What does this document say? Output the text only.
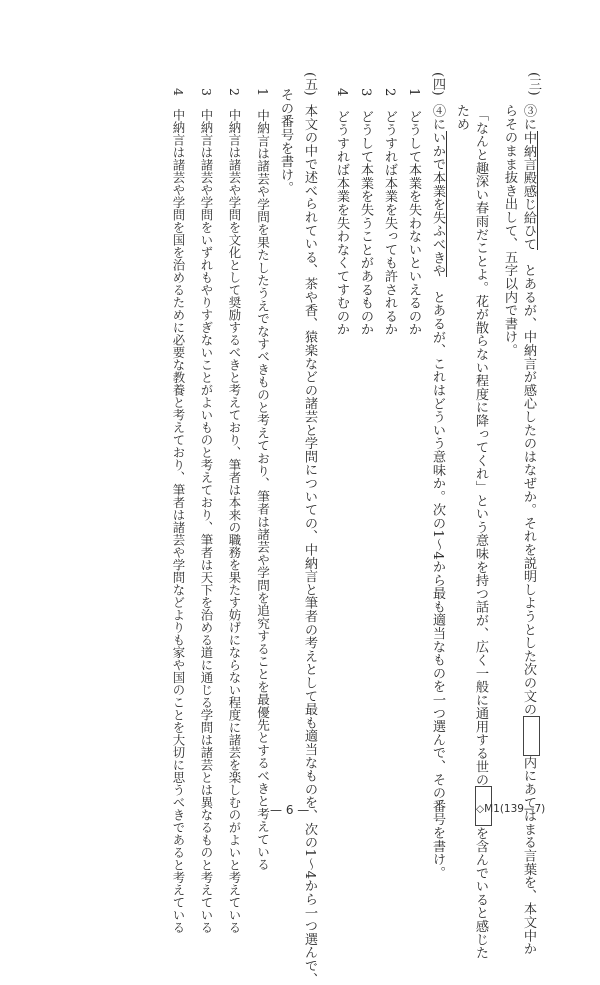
(三)
③に中納言殿感じ給ひて　とあるが、中納言が感心したのはなぜか。それを説明しようとした次の文の内にあてはまる言葉を、本文中か
らそのまま抜き出して、五字以内で書け。
「なんと趣深い春雨だことよ。花が散らない程度に降ってくれ」という意味を持つ話が、広く一般に通用する世のを含んでいると感じた
ため
(四)
④にいかで本業を失ふべきや　とあるが、これはどういう意味か。次の1〜4から最も適当なものを一つ選んで、その番号を書け。
1　どうして本業を失わないといえるのか
2　どうすれば本業を失っても許されるか
3　どうして本業を失うことがあるものか
4　どうすれば本業を失わなくてすむのか
(五)
本文の中で述べられている、茶や香、猿楽などの諸芸と学問についての、中納言と筆者の考えとして最も適当なものを、次の1〜4から一つ選んで、
その番号を書け。
1　中納言は諸芸や学問を果たしたうえでなすべきものと考えており、筆者は諸芸や学問を追究することを最優先とするべきと考えている
2　中納言は諸芸や学問を文化として奨励するべきと考えており、筆者は本来の職務を果たす妨げにならない程度に諸芸を楽しむのがよいと考えている
3　中納言は諸芸や学問をいずれもやりすぎないことがよいものと考えており、筆者は天下を治める道に通じる学問は諸芸とは異なるものと考えている
4　中納言は諸芸や学問を国を治めるために必要な教養と考えており、筆者は諸芸や学問などよりも家や国のことを大切に思うべきであると考えている	— 6 —	◇M1(139—7)
